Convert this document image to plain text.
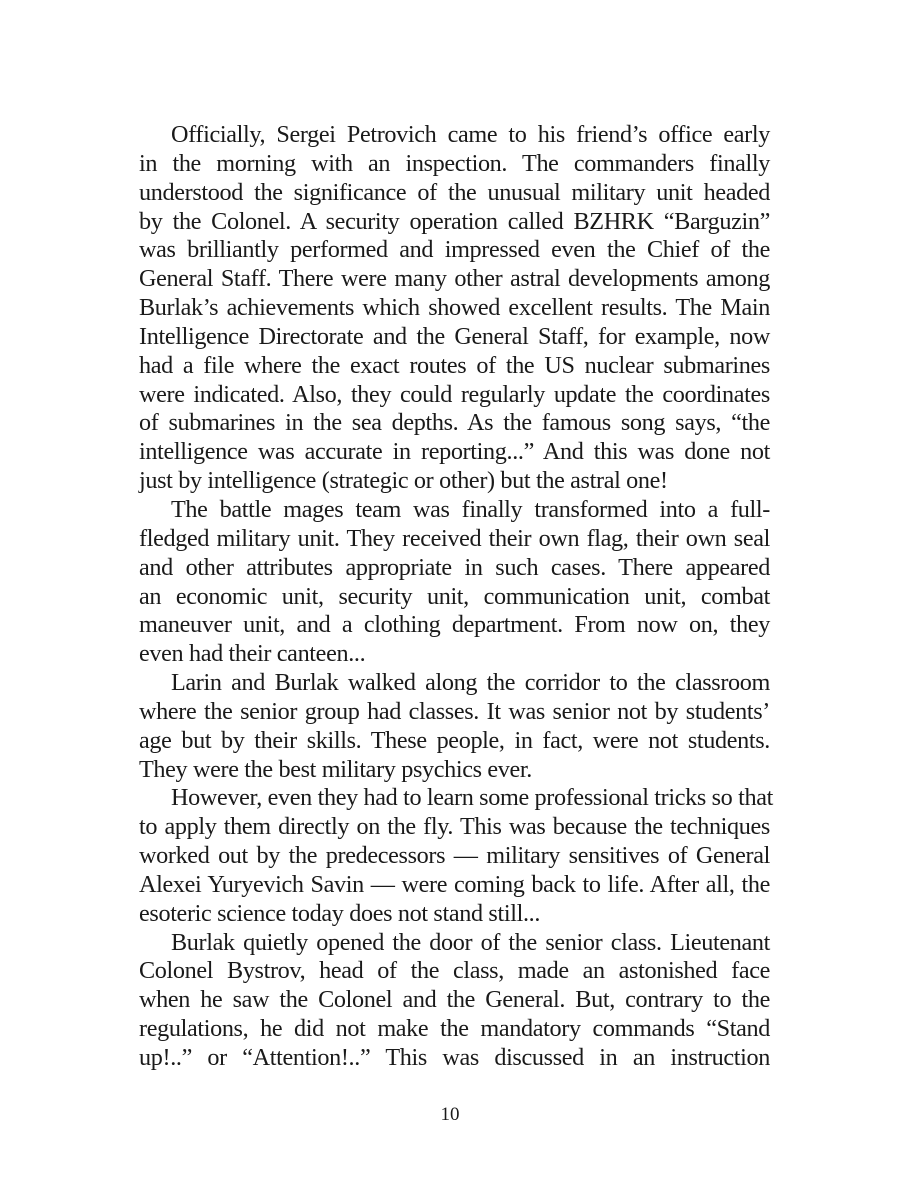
Officially, Sergei Petrovich came to his friend’s office early
in the morning with an inspection. The commanders finally
understood the significance of the unusual military unit headed
by the Colonel. A security operation called BZHRK “Barguzin”
was brilliantly performed and impressed even the Chief of the
General Staff. There were many other astral developments among
Burlak’s achievements which showed excellent results. The Main
Intelligence Directorate and the General Staff, for example, now
had a file where the exact routes of the US nuclear submarines
were indicated. Also, they could regularly update the coordinates
of submarines in the sea depths. As the famous song says, “the
intelligence was accurate in reporting...” And this was done not
just by intelligence (strategic or other) but the astral one!
The battle mages team was finally transformed into a full-
fledged military unit. They received their own flag, their own seal
and other attributes appropriate in such cases. There appeared
an economic unit, security unit, communication unit, combat
maneuver unit, and a clothing department. From now on, they
even had their canteen...
Larin and Burlak walked along the corridor to the classroom
where the senior group had classes. It was senior not by students’
age but by their skills. These people, in fact, were not students.
They were the best military psychics ever.
However, even they had to learn some professional tricks so that
to apply them directly on the fly. This was because the techniques
worked out by the predecessors — military sensitives of General
Alexei Yuryevich Savin — were coming back to life. After all, the
esoteric science today does not stand still...
Burlak quietly opened the door of the senior class. Lieutenant
Colonel Bystrov, head of the class, made an astonished face
when he saw the Colonel and the General. But, contrary to the
regulations, he did not make the mandatory commands “Stand
up!..” or “Attention!..” This was discussed in an instruction
10
